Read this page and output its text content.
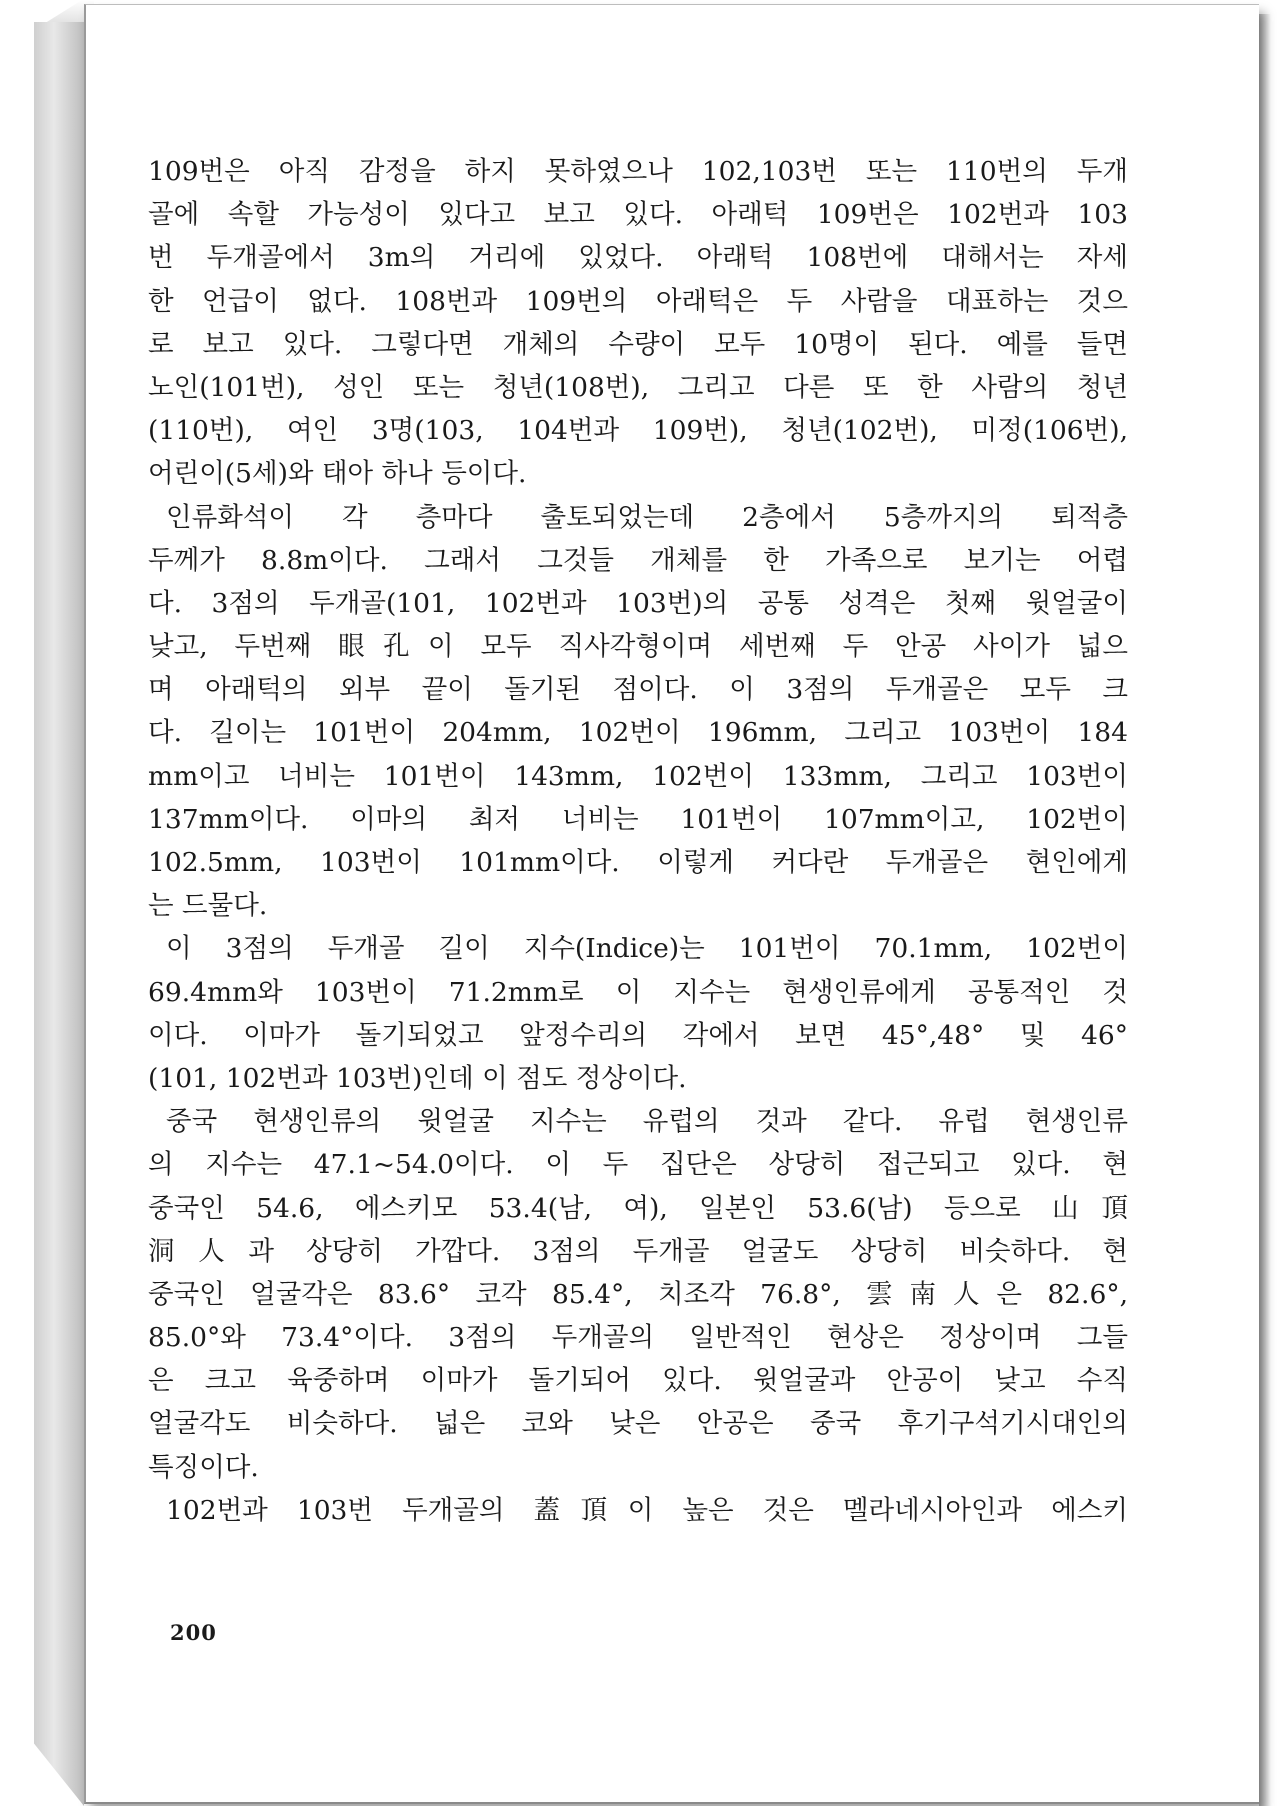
109번은 아직 감정을 하지 못하였으나 102,103번 또는 110번의 두개
골에 속할 가능성이 있다고 보고 있다. 아래턱 109번은 102번과 103
번 두개골에서 3m의 거리에 있었다. 아래턱 108번에 대해서는 자세
한 언급이 없다. 108번과 109번의 아래턱은 두 사람을 대표하는 것으
로 보고 있다. 그렇다면 개체의 수량이 모두 10명이 된다. 예를 들면
노인(101번), 성인 또는 청년(108번), 그리고 다른 또 한 사람의 청년
(110번), 여인 3명(103, 104번과 109번), 청년(102번), 미정(106번),
어린이(5세)와 태아 하나 등이다.
인류화석이 각 층마다 출토되었는데 2층에서 5층까지의 퇴적층
두께가 8.8m이다. 그래서 그것들 개체를 한 가족으로 보기는 어렵
다. 3점의 두개골(101, 102번과 103번)의 공통 성격은 첫째 윗얼굴이
낮고, 두번째 眼孔이 모두 직사각형이며 세번째 두 안공 사이가 넓으
며 아래턱의 외부 끝이 돌기된 점이다. 이 3점의 두개골은 모두 크
다. 길이는 101번이 204mm, 102번이 196mm, 그리고 103번이 184
mm이고 너비는 101번이 143mm, 102번이 133mm, 그리고 103번이
137mm이다. 이마의 최저 너비는 101번이 107mm이고, 102번이
102.5mm, 103번이 101mm이다. 이렇게 커다란 두개골은 현인에게
는 드물다.
이 3점의 두개골 길이 지수(Indice)는 101번이 70.1mm, 102번이
69.4mm와 103번이 71.2mm로 이 지수는 현생인류에게 공통적인 것
이다. 이마가 돌기되었고 앞정수리의 각에서 보면 45°,48° 및 46°
(101, 102번과 103번)인데 이 점도 정상이다.
중국 현생인류의 윗얼굴 지수는 유럽의 것과 같다. 유럽 현생인류
의 지수는 47.1~54.0이다. 이 두 집단은 상당히 접근되고 있다. 현
중국인 54.6, 에스키모 53.4(남, 여), 일본인 53.6(남) 등으로 山頂
洞人과 상당히 가깝다. 3점의 두개골 얼굴도 상당히 비슷하다. 현
중국인 얼굴각은 83.6° 코각 85.4°, 치조각 76.8°, 雲南人은 82.6°,
85.0°와 73.4°이다. 3점의 두개골의 일반적인 현상은 정상이며 그들
은 크고 육중하며 이마가 돌기되어 있다. 윗얼굴과 안공이 낮고 수직
얼굴각도 비슷하다. 넓은 코와 낮은 안공은 중국 후기구석기시대인의
특징이다.
102번과 103번 두개골의 蓋頂이 높은 것은 멜라네시아인과 에스키
200
